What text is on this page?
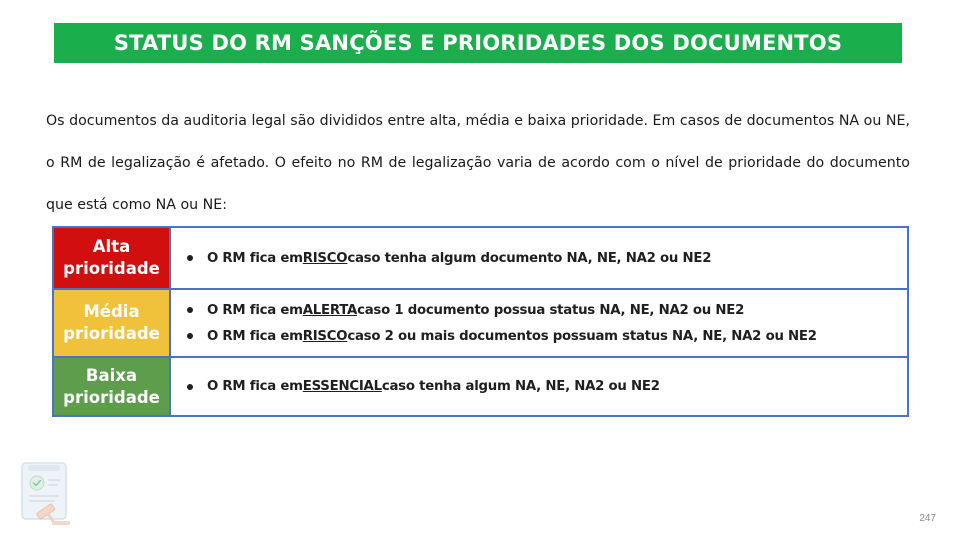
STATUS DO RM SANÇÕES E PRIORIDADES DOS DOCUMENTOS

Os documentos da auditoria legal são divididos entre alta, média e baixa prioridade. Em casos de documentos NA ou NE, o RM de legalização é afetado. O efeito no RM de legalização varia de acordo com o nível de prioridade do documento que está como NA ou NE:

Alta
prioridade
O RM fica em RISCO caso tenha algum documento NA, NE, NA2 ou NE2
Média
prioridade
O RM fica em ALERTA caso 1 documento possua status NA, NE, NA2 ou NE2
O RM fica em RISCO caso 2 ou mais documentos possuam status NA, NE, NA2 ou NE2
Baixa
prioridade
O RM fica em ESSENCIAL caso tenha algum NA, NE, NA2 ou NE2
247
